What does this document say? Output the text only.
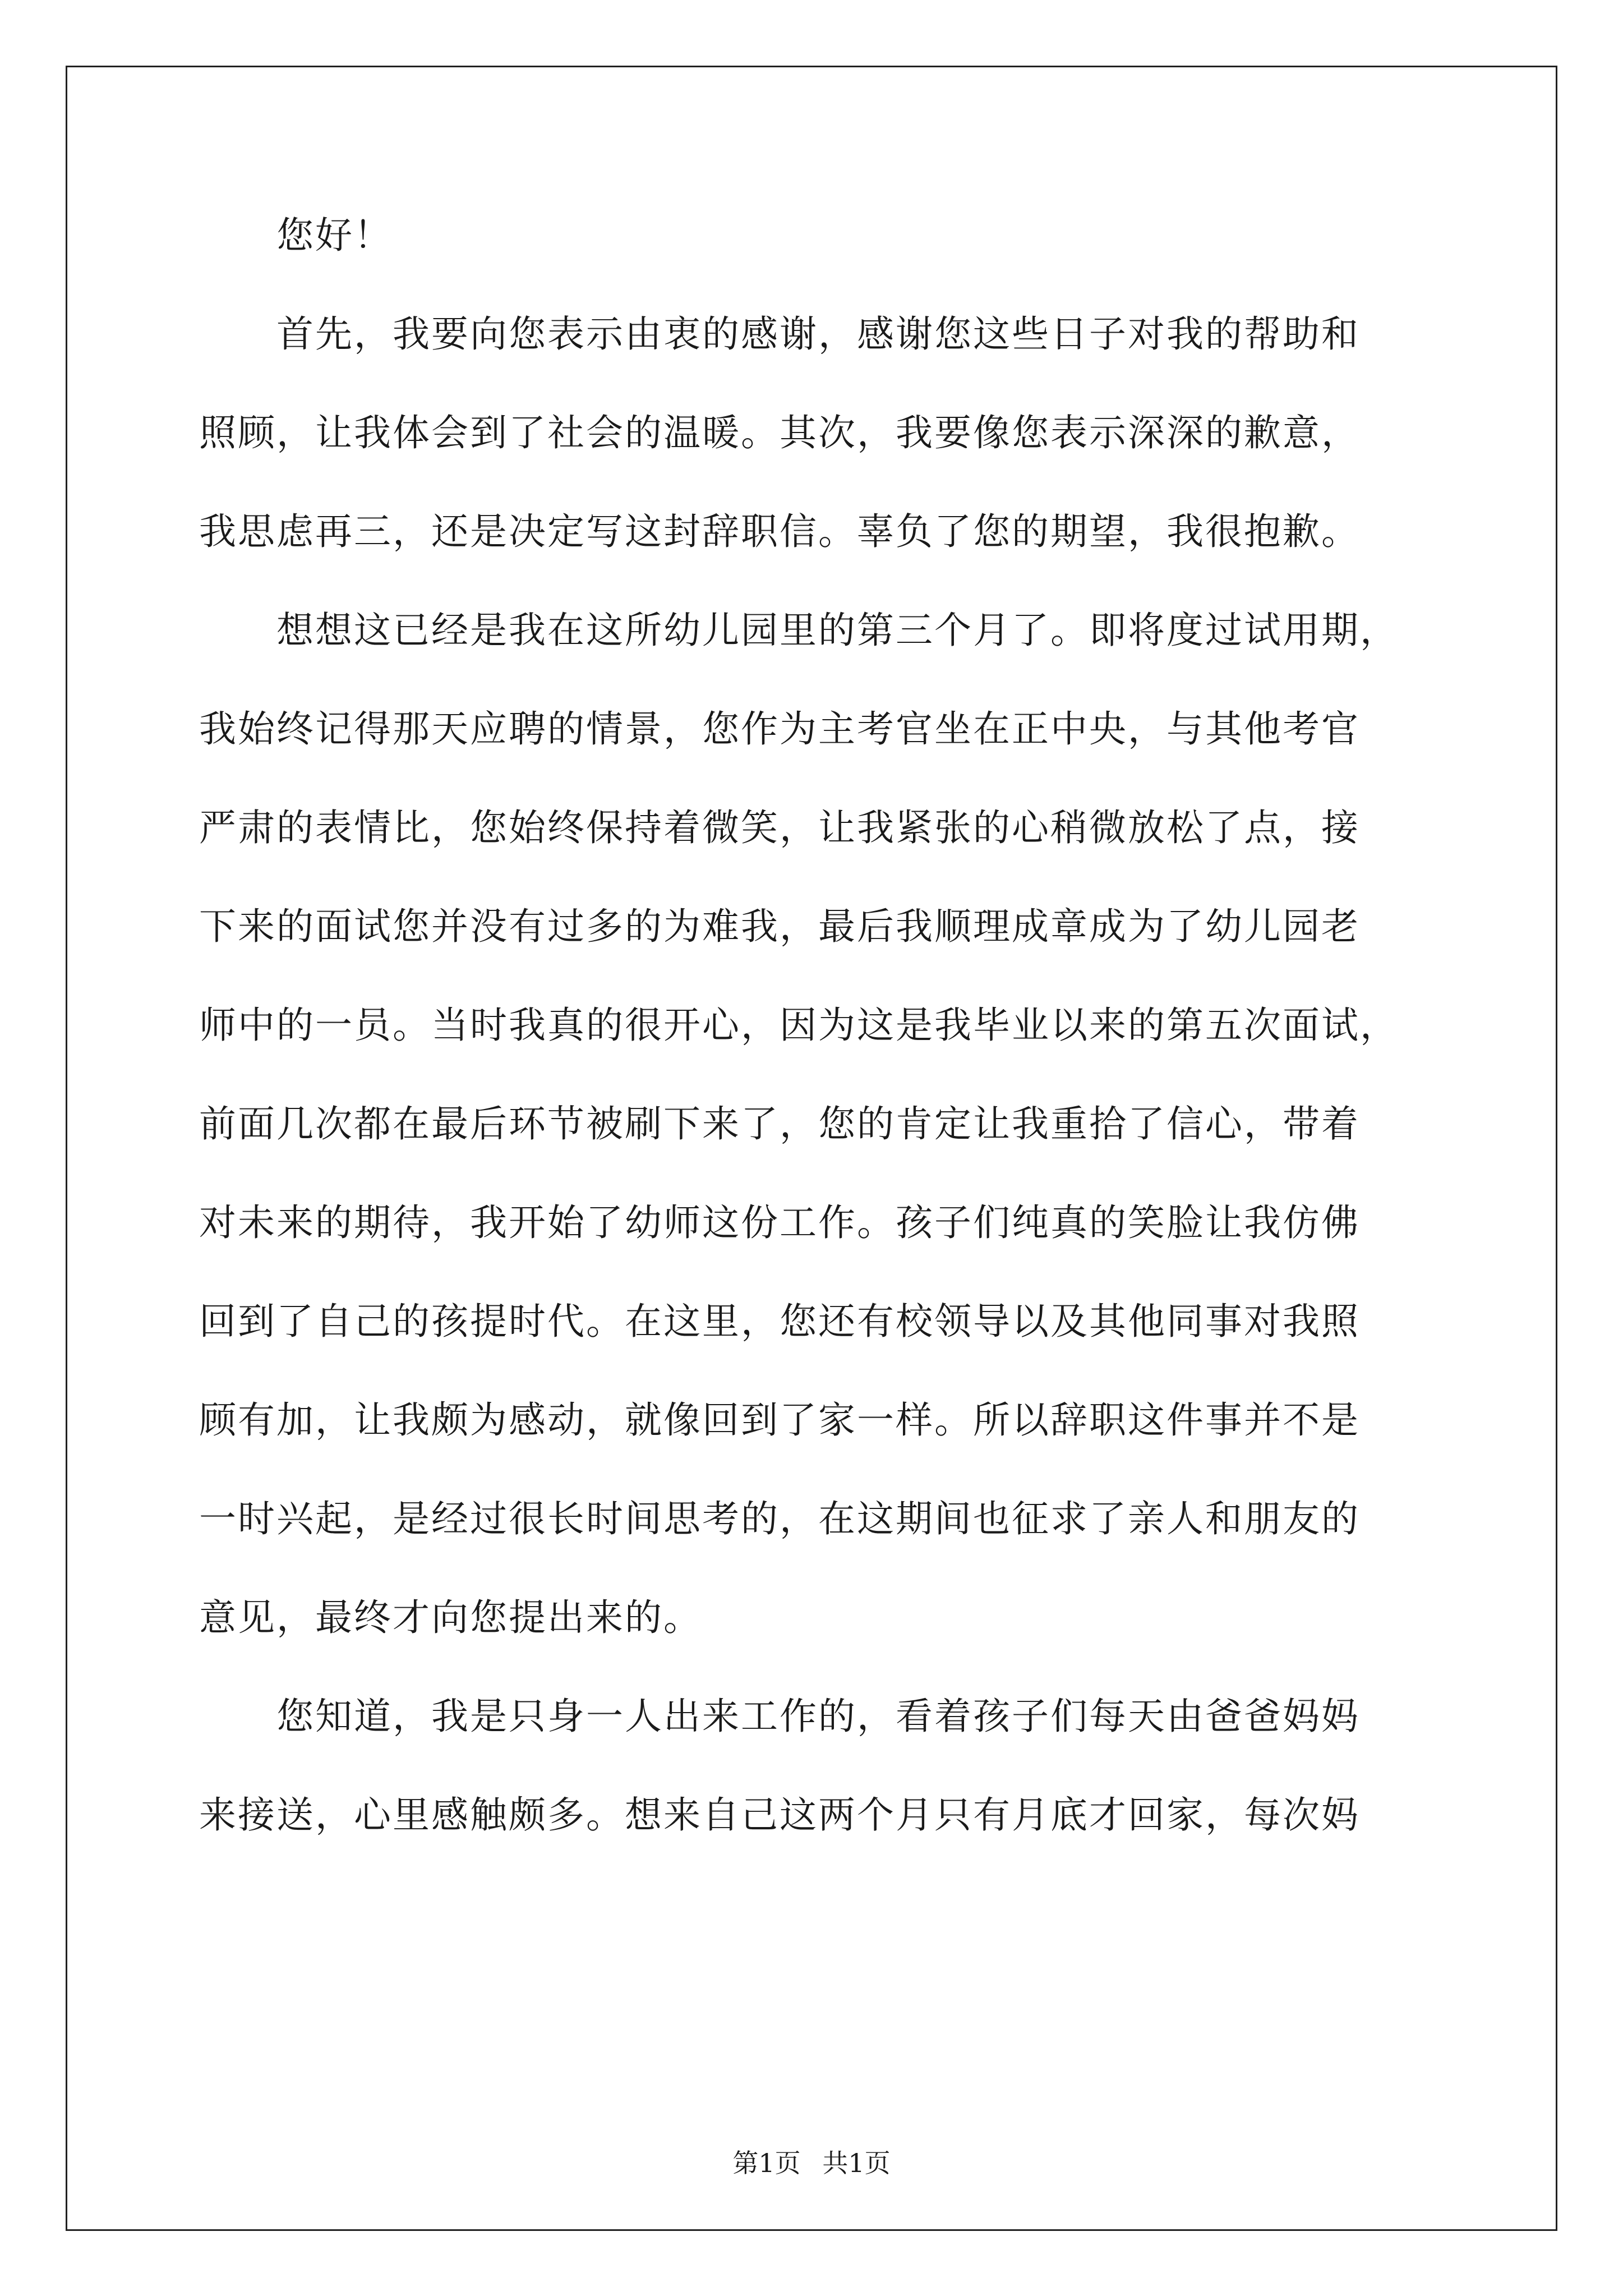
　　您好！
　　首先，我要向您表示由衷的感谢，感谢您这些日子对我的帮助和
照顾，让我体会到了社会的温暖。其次，我要像您表示深深的歉意，
我思虑再三，还是决定写这封辞职信。辜负了您的期望，我很抱歉。
　　想想这已经是我在这所幼儿园里的第三个月了。即将度过试用期，
我始终记得那天应聘的情景，您作为主考官坐在正中央，与其他考官
严肃的表情比，您始终保持着微笑，让我紧张的心稍微放松了点，接
下来的面试您并没有过多的为难我，最后我顺理成章成为了幼儿园老
师中的一员。当时我真的很开心，因为这是我毕业以来的第五次面试，
前面几次都在最后环节被刷下来了，您的肯定让我重拾了信心，带着
对未来的期待，我开始了幼师这份工作。孩子们纯真的笑脸让我仿佛
回到了自己的孩提时代。在这里，您还有校领导以及其他同事对我照
顾有加，让我颇为感动，就像回到了家一样。所以辞职这件事并不是
一时兴起，是经过很长时间思考的，在这期间也征求了亲人和朋友的
意见，最终才向您提出来的。
　　您知道，我是只身一人出来工作的，看着孩子们每天由爸爸妈妈
来接送，心里感触颇多。想来自己这两个月只有月底才回家，每次妈
第1页 共1页
